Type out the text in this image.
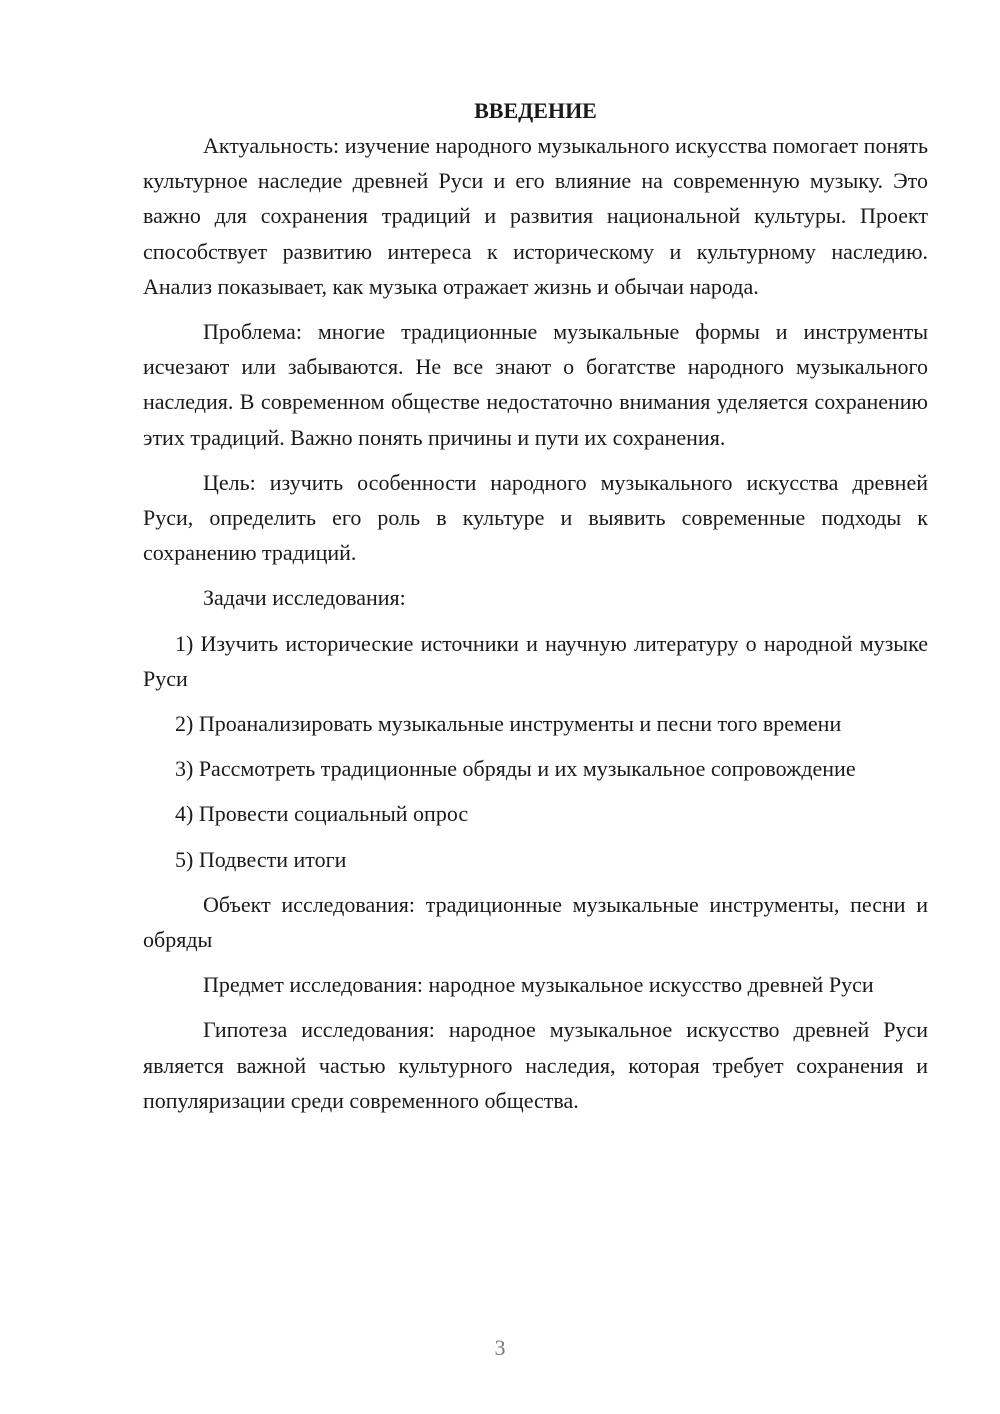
ВВЕДЕНИЕ

Актуальность: изучение народного музыкального искусства помогает понять культурное наследие древней Руси и его влияние на современную музыку. Это важно для сохранения традиций и развития национальной культуры. Проект способствует развитию интереса к историческому и культурному наследию. Анализ показывает, как музыка отражает жизнь и обычаи народа.

Проблема: многие традиционные музыкальные формы и инструменты исчезают или забываются. Не все знают о богатстве народного музыкального наследия. В современном обществе недостаточно внимания уделяется сохранению этих традиций. Важно понять причины и пути их сохранения.

Цель: изучить особенности народного музыкального искусства древней Руси, определить его роль в культуре и выявить современные подходы к сохранению традиций.

Задачи исследования:

1) Изучить исторические источники и научную литературу о народной музыке Руси

2) Проанализировать музыкальные инструменты и песни того времени

3) Рассмотреть традиционные обряды и их музыкальное сопровождение

4) Провести социальный опрос

5) Подвести итоги

Объект исследования: традиционные музыкальные инструменты, песни и обряды

Предмет исследования: народное музыкальное искусство древней Руси

Гипотеза исследования: народное музыкальное искусство древней Руси является важной частью культурного наследия, которая требует сохранения и популяризации среди современного общества.

3
